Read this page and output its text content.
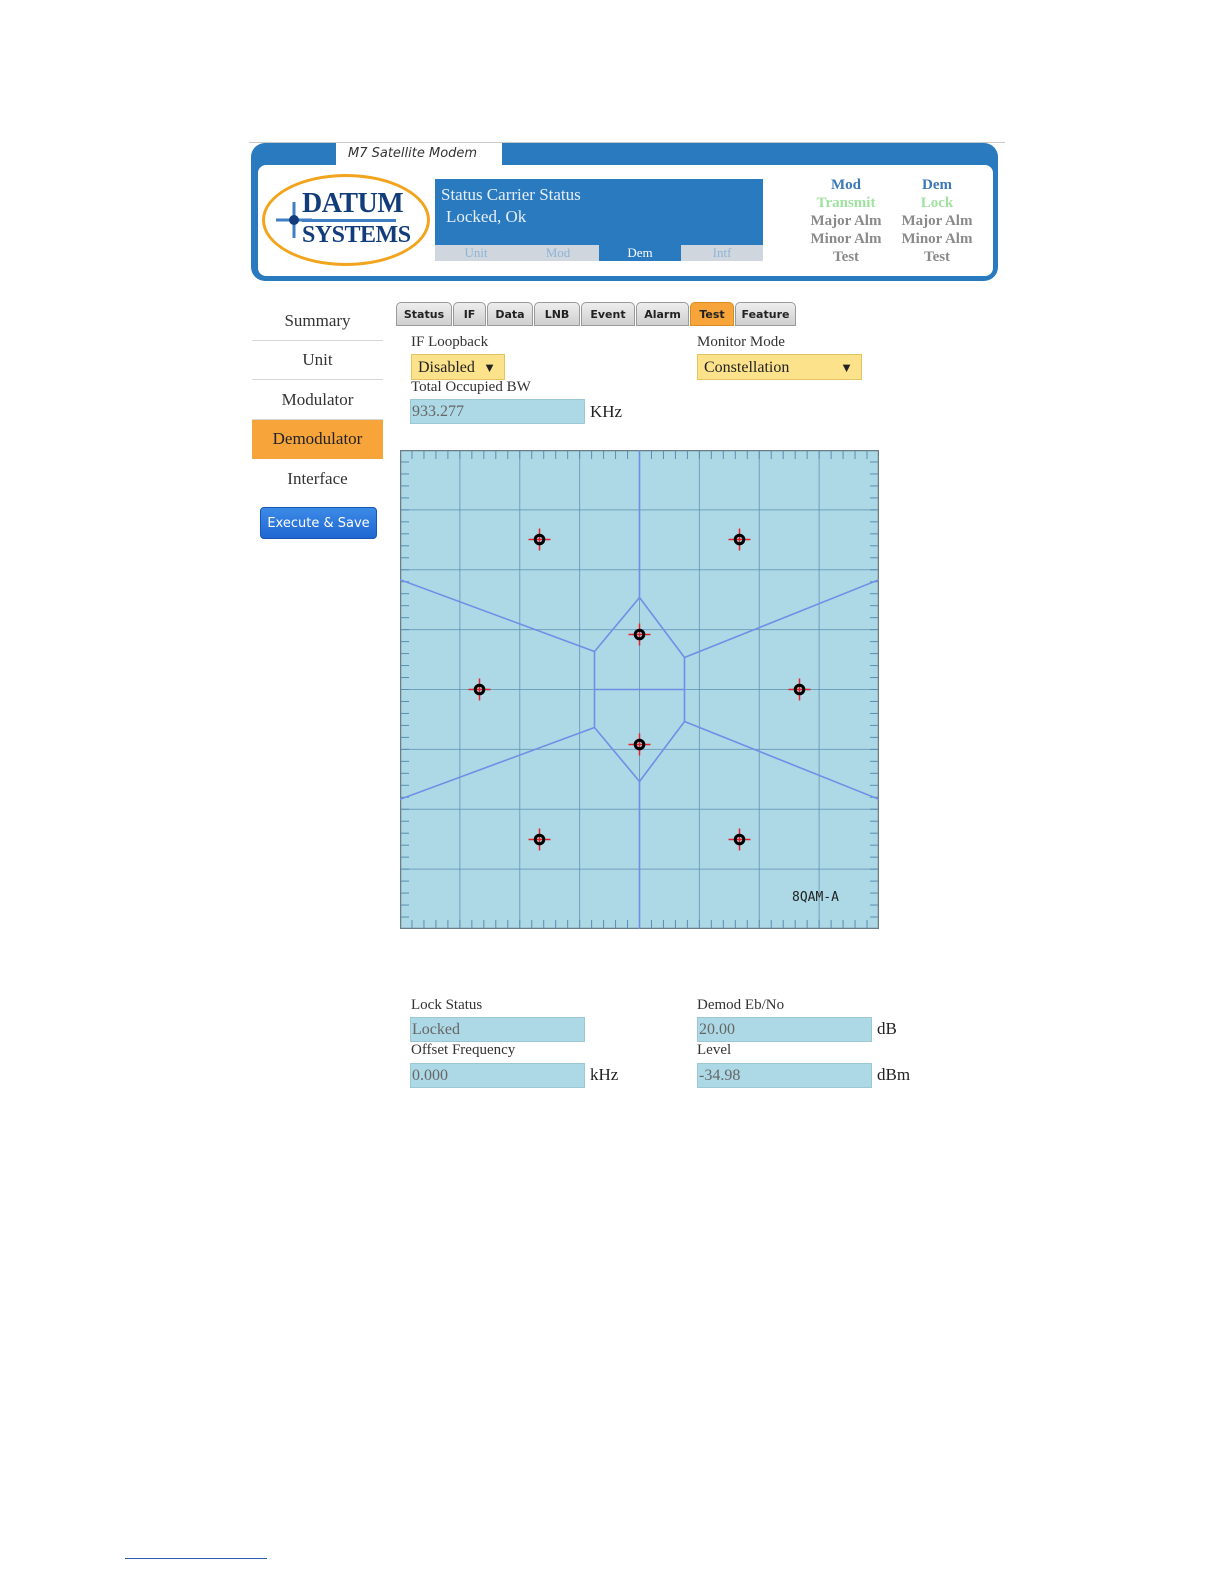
M7 Satellite Modem
DATUM
SYSTEMS
Status Carrier Status
Locked, Ok
Unit	Mod	Dem	Intf
Mod
Transmit
Major Alm
Minor Alm
Test
Dem
Lock
Major Alm
Minor Alm
Test
Summary
Unit
Modulator
Demodulator
Interface
Execute & Save
Status	IF	Data	LNB	Event	Alarm	Test	Feature
IF Loopback
Disabled ▼
Monitor Mode
Constellation	▼
Total Occupied BW
933.277	KHz
8QAM-A
Lock Status
Locked
Demod Eb/No
20.00	dB
Offset Frequency
0.000	kHz
Level
-34.98	dBm
